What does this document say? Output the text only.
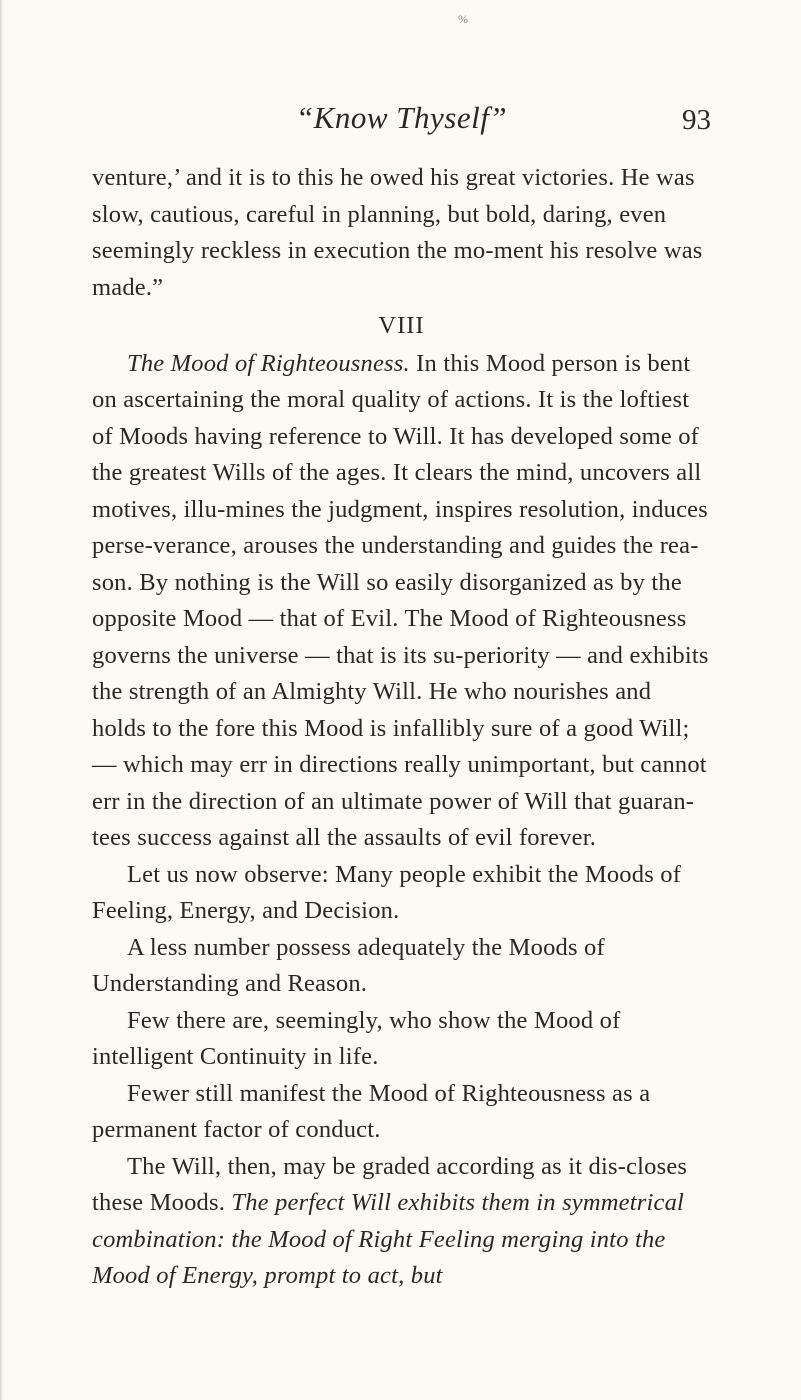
%
“Know Thyself”	93

venture,’ and it is to this he owed his great victories. He was slow, cautious, careful in planning, but bold, daring, even seemingly reckless in execution the mo-ment his resolve was made.”

VIII

The Mood of Righteousness. In this Mood person is bent on ascertaining the moral quality of actions. It is the loftiest of Moods having reference to Will. It has developed some of the greatest Wills of the ages. It clears the mind, uncovers all motives, illu-mines the judgment, inspires resolution, induces perse-verance, arouses the understanding and guides the rea-son. By nothing is the Will so easily disorganized as by the opposite Mood — that of Evil. The Mood of Righteousness governs the universe — that is its su-periority — and exhibits the strength of an Almighty Will. He who nourishes and holds to the fore this Mood is infallibly sure of a good Will; — which may err in directions really unimportant, but cannot err in the direction of an ultimate power of Will that guaran-tees success against all the assaults of evil forever.

Let us now observe: Many people exhibit the Moods of Feeling, Energy, and Decision.

A less number possess adequately the Moods of Understanding and Reason.

Few there are, seemingly, who show the Mood of intelligent Continuity in life.

Fewer still manifest the Mood of Righteousness as a permanent factor of conduct.

The Will, then, may be graded according as it dis-closes these Moods. The perfect Will exhibits them in symmetrical combination: the Mood of Right Feeling merging into the Mood of Energy, prompt to act, but
